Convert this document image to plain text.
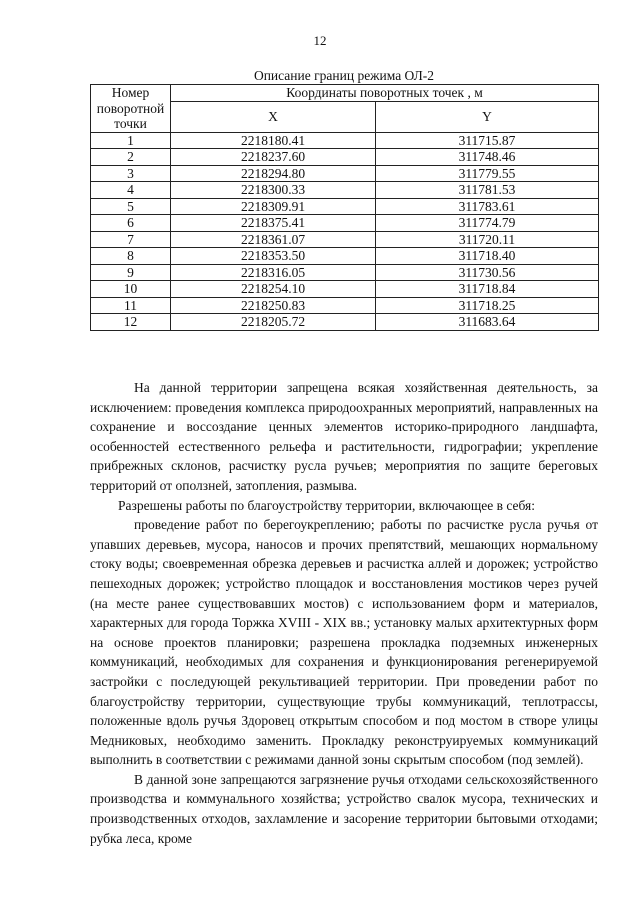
12
Описание границ режима ОЛ-2
Номер
поворотной
точки	Координаты поворотных точек , м	
	X	Y
1	2218180.41	311715.87
2	2218237.60	311748.46
3	2218294.80	311779.55
4	2218300.33	311781.53
5	2218309.91	311783.61
6	2218375.41	311774.79
7	2218361.07	311720.11
8	2218353.50	311718.40
9	2218316.05	311730.56
10	2218254.10	311718.84
11	2218250.83	311718.25
12	2218205.72	311683.64

На данной территории запрещена всякая хозяйственная деятельность, за исключением: проведения комплекса природоохранных мероприятий, направленных на сохранение и воссоздание ценных элементов историко-природного ландшафта, особенностей естественного рельефа и растительности, гидрографии; укрепление прибрежных склонов, расчистку русла ручьев; мероприятия по защите береговых территорий от оползней, затопления, размыва.

Разрешены работы по благоустройству территории, включающее в себя:

проведение работ по берегоукреплению; работы по расчистке русла ручья от упавших деревьев, мусора, наносов и прочих препятствий, мешающих нормальному стоку воды; своевременная обрезка деревьев и расчистка аллей и дорожек; устройство пешеходных дорожек; устройство площадок и восстановления мостиков через ручей (на месте ранее существовавших мостов) с использованием форм и материалов, характерных для города Торжка XVIII - XIX вв.; установку малых архитектурных форм на основе проектов планировки; разрешена прокладка подземных инженерных коммуникаций, необходимых для сохранения и функционирования регенерируемой застройки с последующей рекультивацией территории. При проведении работ по благоустройству территории, существующие трубы коммуникаций, теплотрассы, положенные вдоль ручья Здоровец открытым способом и под мостом в створе улицы Медниковых, необходимо заменить. Прокладку реконструируемых коммуникаций выполнить в соответствии с режимами данной зоны скрытым способом (под землей).

В данной зоне запрещаются загрязнение ручья отходами сельскохозяйственного производства и коммунального хозяйства; устройство свалок мусора, технических и производственных отходов, захламление и засорение территории бытовыми отходами; рубка леса, кроме
